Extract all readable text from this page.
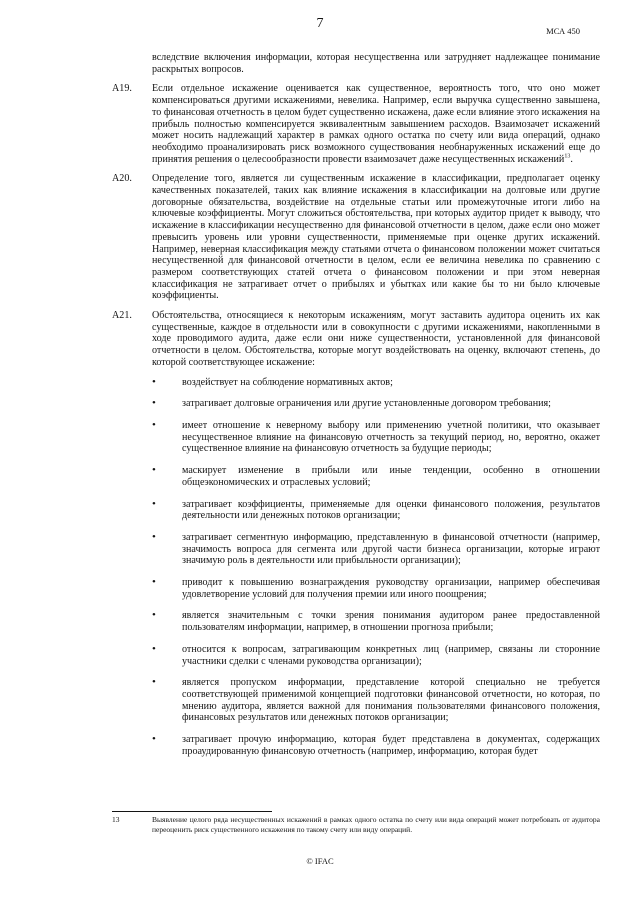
7	МСА 450

вследствие включения информации, которая несущественна или затрудняет надлежащее понимание раскрытых вопросов.

A19. Если отдельное искажение оценивается как существенное, вероятность того, что оно может компенсироваться другими искажениями, невелика. Например, если выручка существенно завышена, то финансовая отчетность в целом будет существенно искажена, даже если влияние этого искажения на прибыль полностью компенсируется эквивалентным завышением расходов. Взаимозачет искажений может носить надлежащий характер в рамках одного остатка по счету или вида операций, однако необходимо проанализировать риск возможного существования необнаруженных искажений еще до принятия решения о целесообразности провести взаимозачет даже несущественных искажений$^{13}$.
A20. Определение того, является ли существенным искажение в классификации, предполагает оценку качественных показателей, таких как влияние искажения в классификации на долговые или другие договорные обязательства, воздействие на отдельные статьи или промежуточные итоги либо на ключевые коэффициенты. Могут сложиться обстоятельства, при которых аудитор придет к выводу, что искажение в классификации несущественно для финансовой отчетности в целом, даже если оно может превысить уровень или уровни существенности, применяемые при оценке других искажений. Например, неверная классификация между статьями отчета о финансовом положении может считаться несущественной для финансовой отчетности в целом, если ее величина невелика по сравнению с размером соответствующих статей отчета о финансовом положении и при этом неверная классификация не затрагивает отчет о прибылях и убытках или какие бы то ни было ключевые коэффициенты.
A21. Обстоятельства, относящиеся к некоторым искажениям, могут заставить аудитора оценить их как существенные, каждое в отдельности или в совокупности с другими искажениями, накопленными в ходе проводимого аудита, даже если они ниже существенности, установленной для финансовой отчетности в целом. Обстоятельства, которые могут воздействовать на оценку, включают степень, до которой соответствующее искажение:
• воздействует на соблюдение нормативных актов;
• затрагивает долговые ограничения или другие установленные договором требования;
• имеет отношение к неверному выбору или применению учетной политики, что оказывает несущественное влияние на финансовую отчетность за текущий период, но, вероятно, окажет существенное влияние на финансовую отчетность за будущие периоды;
• маскирует изменение в прибыли или иные тенденции, особенно в отношении общеэкономических и отраслевых условий;
• затрагивает коэффициенты, применяемые для оценки финансового положения, результатов деятельности или денежных потоков организации;
• затрагивает сегментную информацию, представленную в финансовой отчетности (например, значимость вопроса для сегмента или другой части бизнеса организации, которые играют значимую роль в деятельности или прибыльности организации);
• приводит к повышению вознаграждения руководству организации, например обеспечивая удовлетворение условий для получения премии или иного поощрения;
• является значительным с точки зрения понимания аудитором ранее предоставленной пользователям информации, например, в отношении прогноза прибыли;
• относится к вопросам, затрагивающим конкретных лиц (например, связаны ли сторонние участники сделки с членами руководства организации);
• является пропуском информации, представление которой специально не требуется соответствующей применимой концепцией подготовки финансовой отчетности, но которая, по мнению аудитора, является важной для понимания пользователями финансового положения, финансовых результатов или денежных потоков организации;
• затрагивает прочую информацию, которая будет представлена в документах, содержащих проаудированную финансовую отчетность (например, информацию, которая будет
13	Выявление целого ряда несущественных искажений в рамках одного остатка по счету или вида операций может потребовать от аудитора переоценить риск существенного искажения по такому счету или виду операций.
© IFAC
